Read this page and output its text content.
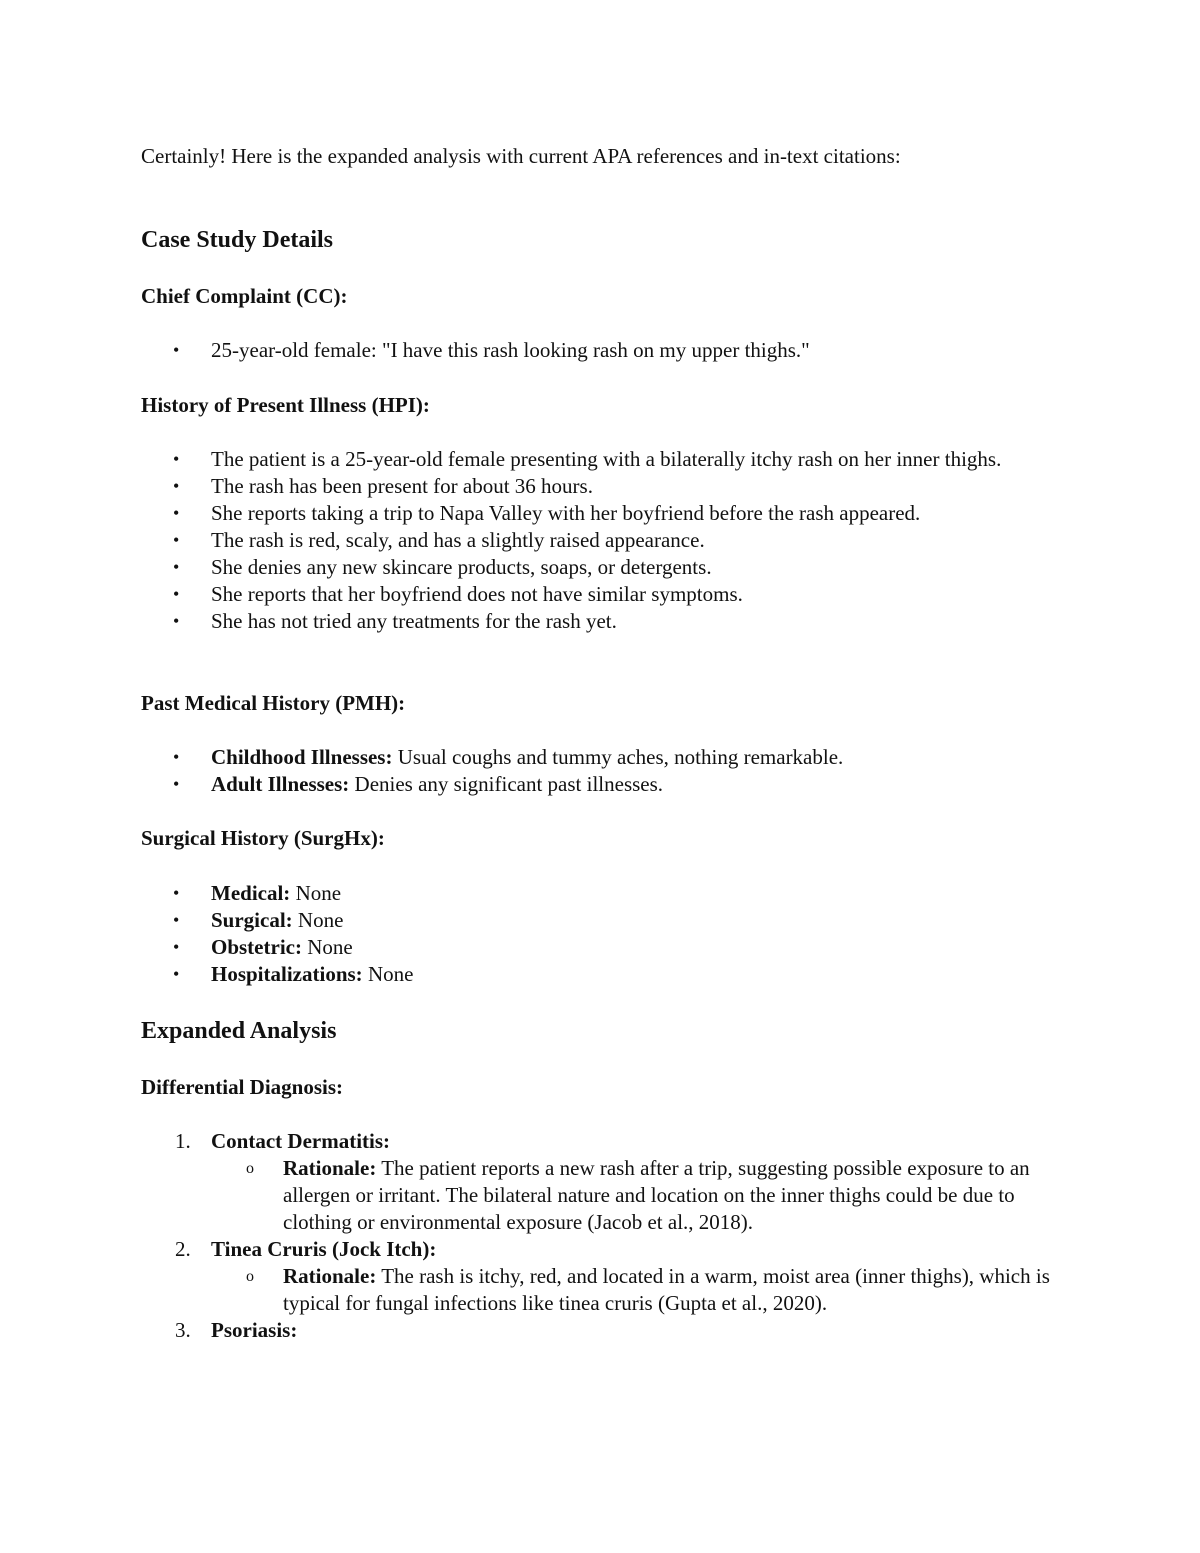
Certainly! Here is the expanded analysis with current APA references and in-text citations:
Case Study Details
Chief Complaint (CC):
• 25-year-old female: "I have this rash looking rash on my upper thighs."
History of Present Illness (HPI):
• The patient is a 25-year-old female presenting with a bilaterally itchy rash on her inner thighs.
• The rash has been present for about 36 hours.
• She reports taking a trip to Napa Valley with her boyfriend before the rash appeared.
• The rash is red, scaly, and has a slightly raised appearance.
• She denies any new skincare products, soaps, or detergents.
• She reports that her boyfriend does not have similar symptoms.
• She has not tried any treatments for the rash yet.
Past Medical History (PMH):
• Childhood Illnesses: Usual coughs and tummy aches, nothing remarkable.
• Adult Illnesses: Denies any significant past illnesses.
Surgical History (SurgHx):
• Medical: None
• Surgical: None
• Obstetric: None
• Hospitalizations: None
Expanded Analysis
Differential Diagnosis:
1. Contact Dermatitis:
o Rationale: The patient reports a new rash after a trip, suggesting possible exposure to an allergen or irritant. The bilateral nature and location on the inner thighs could be due to clothing or environmental exposure (Jacob et al., 2018).
2. Tinea Cruris (Jock Itch):
o Rationale: The rash is itchy, red, and located in a warm, moist area (inner thighs), which is typical for fungal infections like tinea cruris (Gupta et al., 2020).
3. Psoriasis:
